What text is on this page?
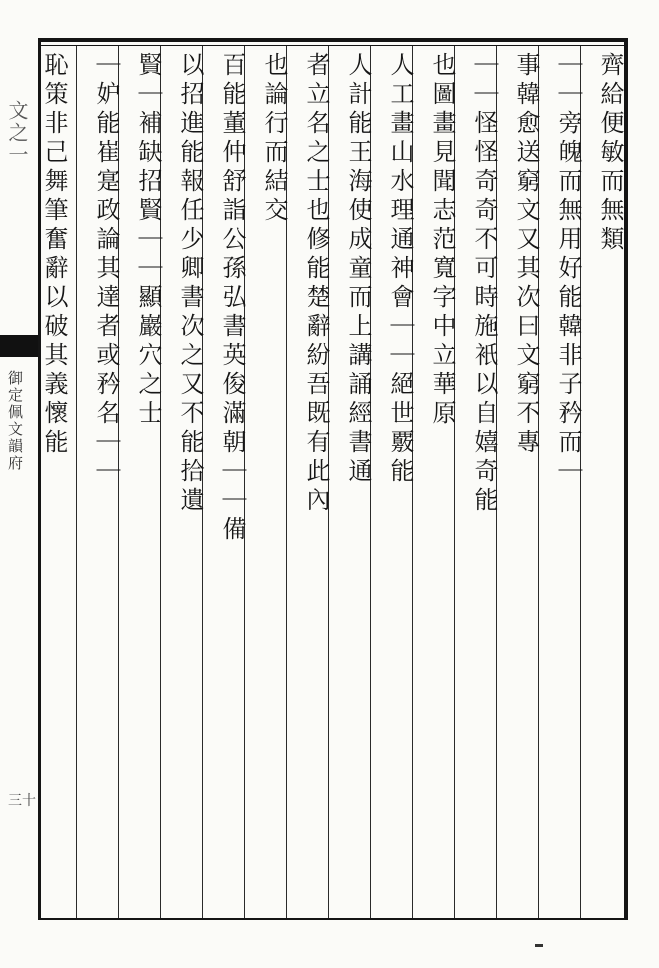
文之一
御定佩文韻府
三十
齊給便敏而無類
｜｜旁魄而無用好能韓非子矜而｜
事韓愈送窮文又其次曰文窮不專
｜｜怪怪奇奇不可時施衹以自嬉奇能
也圖畫見聞志范寬字中立華原
人工畫山水理通神會｜｜絕世覈能
人計能王海使成童而上講誦經書通
者立名之士也修能楚辭紛吾既有此內
也論行而結交
百能董仲舒詣公孫弘書英俊滿朝｜｜備
以招進能報任少卿書次之又不能拾遺
賢｜補缺招賢｜｜顯巖穴之士
｜妒能崔寔政論其達者或矜名｜｜
恥策非己舞筆奮辭以破其義懷能
